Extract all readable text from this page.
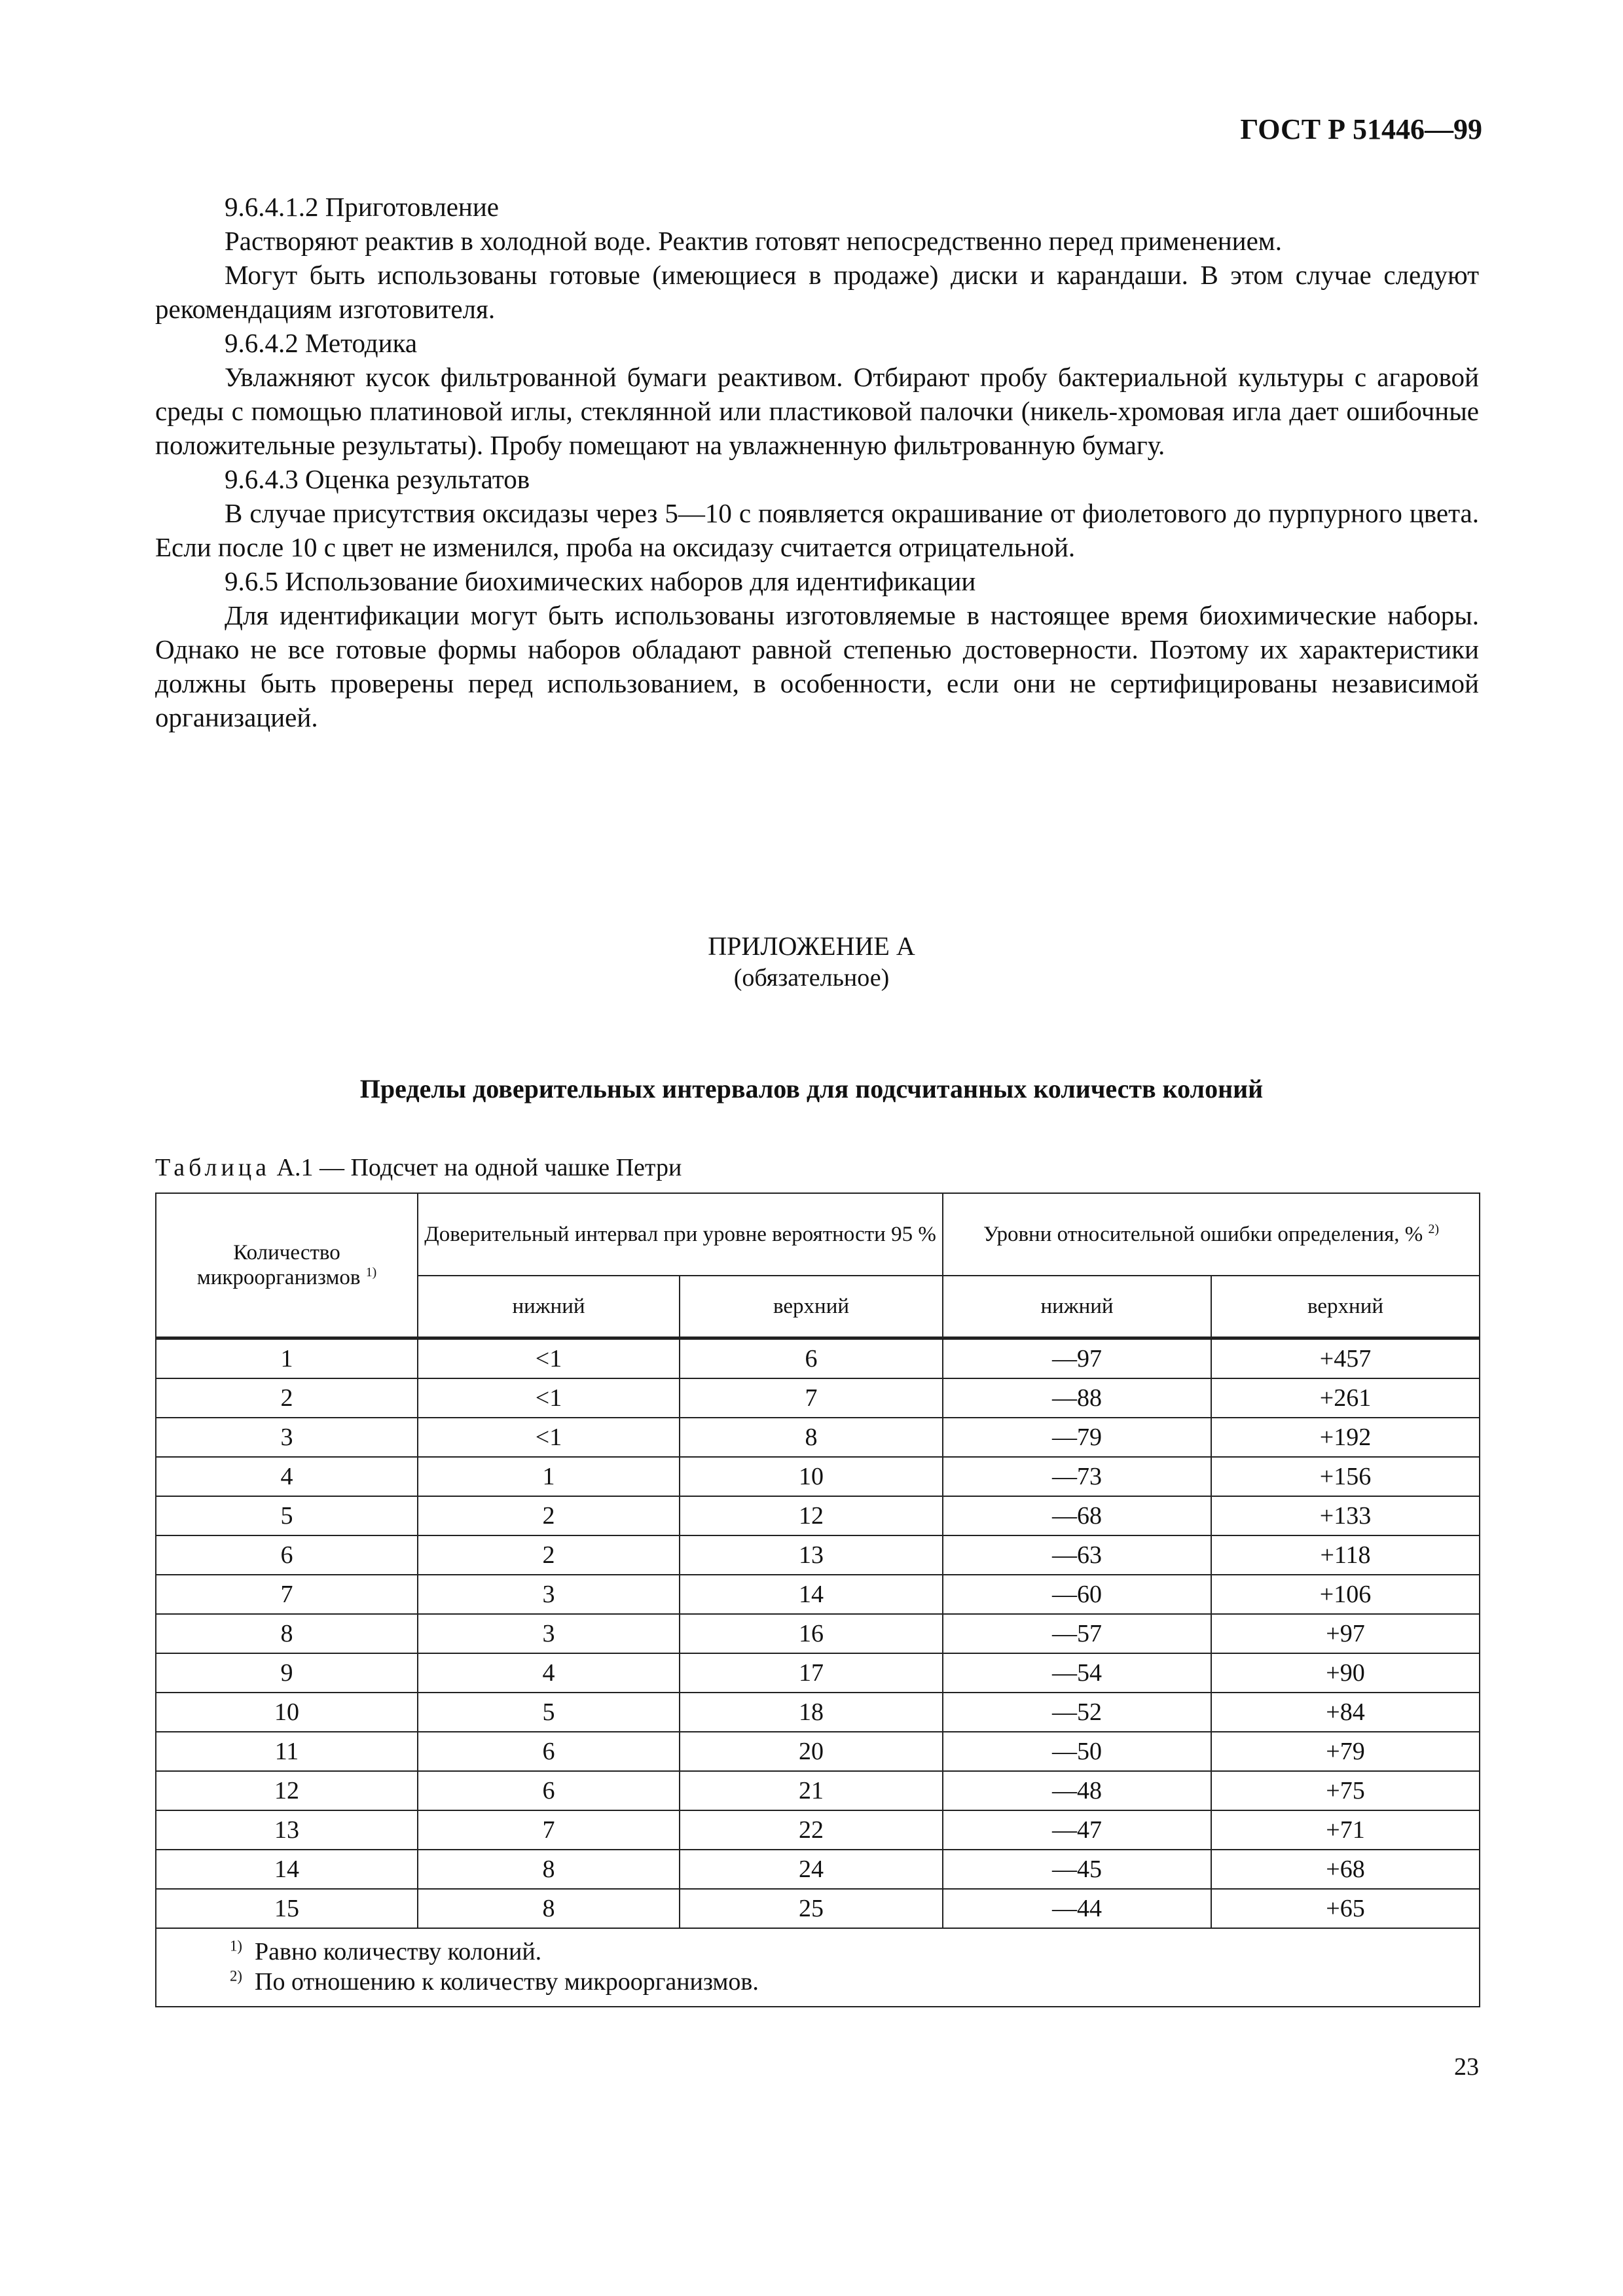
ГОСТ Р 51446—99

9.6.4.1.2 Приготовление

Растворяют реактив в холодной воде. Реактив готовят непосредственно перед применением.

Могут быть использованы готовые (имеющиеся в продаже) диски и карандаши. В этом случае следуют рекомендациям изготовителя.

9.6.4.2 Методика

Увлажняют кусок фильтрованной бумаги реактивом. Отбирают пробу бактериальной культуры с агаровой среды с помощью платиновой иглы, стеклянной или пластиковой палочки (никель-хромовая игла дает ошибочные положительные результаты). Пробу помещают на увлажненную фильтрованную бумагу.

9.6.4.3 Оценка результатов

В случае присутствия оксидазы через 5—10 с появляется окрашивание от фиолетового до пурпурного цвета. Если после 10 с цвет не изменился, проба на оксидазу считается отрицательной.

9.6.5 Использование биохимических наборов для идентификации

Для идентификации могут быть использованы изготовляемые в настоящее время биохимические наборы. Однако не все готовые формы наборов обладают равной степенью достоверности. Поэтому их характеристики должны быть проверены перед использованием, в особенности, если они не сертифицированы независимой организацией.

ПРИЛОЖЕНИЕ А
(обязательное)
Пределы доверительных интервалов для подсчитанных количеств колоний
Таблица А.1 — Подсчет на одной чашке Петри
Количество микроорганизмов $^{1)}$	Доверительный интервал при уровне вероятности 95 %		Уровни относительной ошибки определения, % $^{2)}$
	нижний	верхний	нижний	верхний
1	<1	6	—97	+457
2	<1	7	—88	+261
3	<1	8	—79	+192
4	1	10	—73	+156
5	2	12	—68	+133
6	2	13	—63	+118
7	3	14	—60	+106
8	3	16	—57	+97
9	4	17	—54	+90
10	5	18	—52	+84
11	6	20	—50	+79
12	6	21	—48	+75
13	7	22	—47	+71
14	8	24	—45	+68
15	8	25	—44	+65

$^{1)}$ Равно количеству колоний.
$^{2)}$ По отношению к количеству микроорганизмов.				
23
